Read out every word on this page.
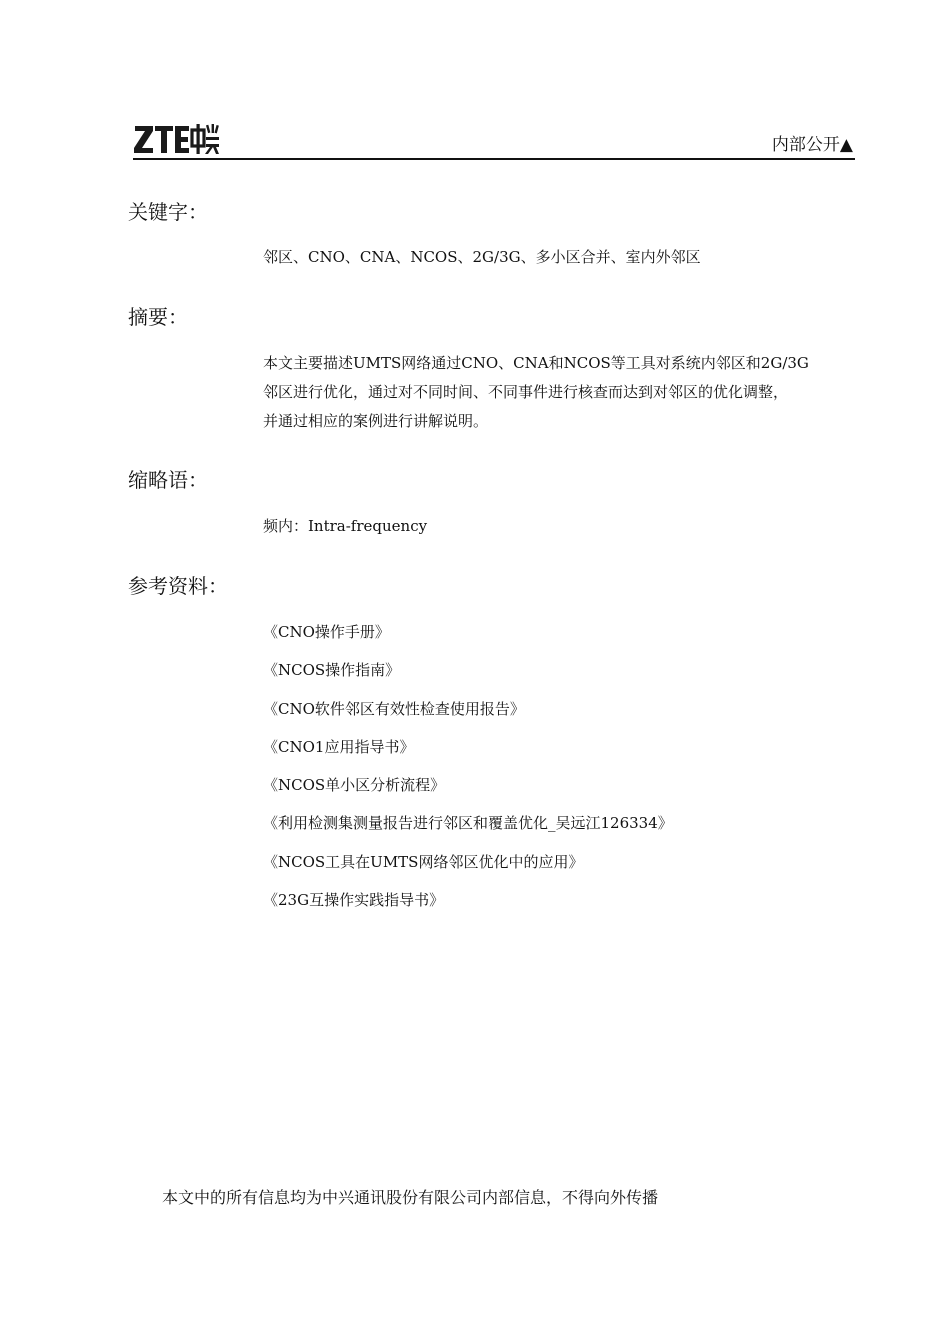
内部公开▲
关键字：
邻区、CNO、CNA、NCOS、2G/3G、多小区合并、室内外邻区
摘要：
本文主要描述UMTS网络通过CNO、CNA和NCOS等工具对系统内邻区和2G/3G
邻区进行优化，通过对不同时间、不同事件进行核查而达到对邻区的优化调整，
并通过相应的案例进行讲解说明。
缩略语：
频内：Intra-frequency
参考资料：
《CNO操作手册》
《NCOS操作指南》
《CNO软件邻区有效性检查使用报告》
《CNO1应用指导书》
《NCOS单小区分析流程》
《利用检测集测量报告进行邻区和覆盖优化_吴远江126334》
《NCOS工具在UMTS网络邻区优化中的应用》
《23G互操作实践指导书》
本文中的所有信息均为中兴通讯股份有限公司内部信息，不得向外传播
